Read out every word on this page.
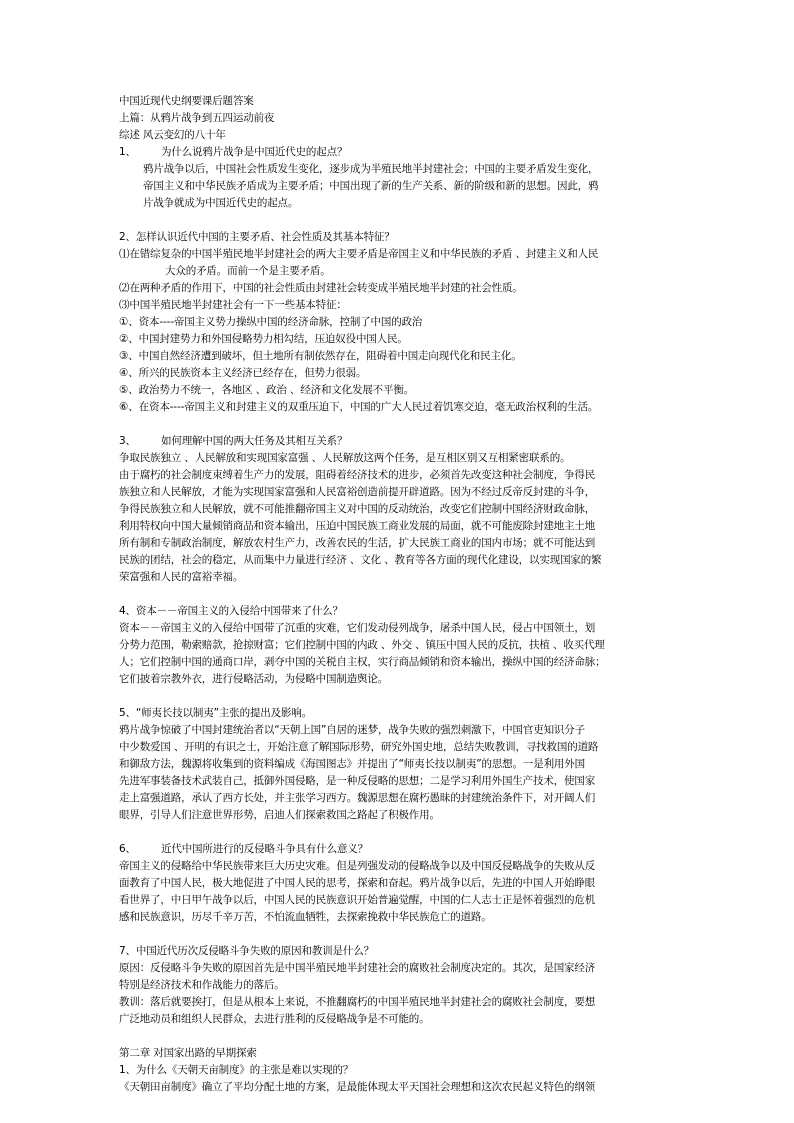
中国近现代史纲要课后题答案
上篇：从鸦片战争到五四运动前夜
综述 风云变幻的八十年
1、 为什么说鸦片战争是中国近代史的起点？
鸦片战争以后，中国社会性质发生变化，逐步成为半殖民地半封建社会；中国的主要矛盾发生变化，
帝国主义和中华民族矛盾成为主要矛盾；中国出现了新的生产关系、新的阶级和新的思想。因此，鸦
片战争就成为中国近代史的起点。
2、怎样认识近代中国的主要矛盾、社会性质及其基本特征？
⑴在错综复杂的中国半殖民地半封建社会的两大主要矛盾是帝国主义和中华民族的矛盾 、封建主义和人民
大众的矛盾。而前一个是主要矛盾。
⑵在两种矛盾的作用下，中国的社会性质由封建社会转变成半殖民地半封建的社会性质。
⑶中国半殖民地半封建社会有一下一些基本特征：
①、资本----帝国主义势力操纵中国的经济命脉，控制了中国的政治
②、中国封建势力和外国侵略势力相勾结，压迫奴役中国人民。
③、中国自然经济遭到破坏，但土地所有制依然存在，阻碍着中国走向现代化和民主化。
④、所兴的民族资本主义经济已经存在，但势力很弱。
⑤、政治势力不统一，各地区 、政治 、经济和文化发展不平衡。
⑥、在资本----帝国主义和封建主义的双重压迫下，中国的广大人民过着饥寒交迫，毫无政治权利的生活。
3、 如何理解中国的两大任务及其相互关系？
争取民族独立 、人民解放和实现国家富强 、人民解放这两个任务，是互相区别又互相紧密联系的。
由于腐朽的社会制度束缚着生产力的发展，阻碍着经济技术的进步，必须首先改变这种社会制度，争得民
族独立和人民解放，才能为实现国家富强和人民富裕创造前提开辟道路。因为不经过反帝反封建的斗争，
争得民族独立和人民解放，就不可能推翻帝国主义对中国的反动统治，改变它们控制中国经济财政命脉，
利用特权向中国大量倾销商品和资本输出，压迫中国民族工商业发展的局面，就不可能废除封建地主土地
所有制和专制政治制度，解放农村生产力，改善农民的生活，扩大民族工商业的国内市场；就不可能达到
民族的团结，社会的稳定，从而集中力量进行经济 、文化 、教育等各方面的现代化建设，以实现国家的繁
荣富强和人民的富裕幸福。
4、资本－－帝国主义的入侵给中国带来了什么？
资本－－帝国主义的入侵给中国带了沉重的灾难，它们发动侵列战争，屠杀中国人民，侵占中国领土，划
分势力范围，勒索赔款，抢掠财富；它们控制中国的内政 、外交 、镇压中国人民的反抗，扶植 、收买代理
人；它们控制中国的通商口岸，剥夺中国的关税自主权，实行商品倾销和资本输出，操纵中国的经济命脉；
它们披着宗教外衣，进行侵略活动，为侵略中国制造舆论。
5、“师夷长技以制夷”主张的提出及影响。
鸦片战争惊破了中国封建统治者以“天朝上国”自居的迷梦，战争失败的强烈刺激下，中国官吏知识分子
中少数爱国 、开明的有识之士，开始注意了解国际形势，研究外国史地，总结失败教训，寻找救国的道路
和御敌方法，魏源将收集到的资料编成《海国图志》并提出了“师夷长技以制夷”的思想。一是利用外国
先进军事装备技术武装自己，抵御外国侵略，是一种反侵略的思想；二是学习利用外国生产技术，使国家
走上富强道路，承认了西方长处，并主张学习西方。魏源思想在腐朽愚昧的封建统治条件下，对开阔人们
眼界，引导人们注意世界形势，启迪人们探索救国之路起了积极作用。
6、 近代中国所进行的反侵略斗争具有什么意义？
帝国主义的侵略给中华民族带来巨大历史灾难。但是列强发动的侵略战争以及中国反侵略战争的失败从反
面教育了中国人民，极大地促进了中国人民的思考，探索和奋起。鸦片战争以后，先进的中国人开始睁眼
看世界了，中日甲午战争以后，中国人民的民族意识开始普遍觉醒，中国的仁人志士正是怀着强烈的危机
感和民族意识，历尽千辛万苦，不怕流血牺牲，去探索挽救中华民族危亡的道路。
7、中国近代历次反侵略斗争失败的原因和教训是什么？
原因：反侵略斗争失败的原因首先是中国半殖民地半封建社会的腐败社会制度决定的。其次，是国家经济
特别是经济技术和作战能力的落后。
教训：落后就要挨打，但是从根本上来说，不推翻腐朽的中国半殖民地半封建社会的腐败社会制度，要想
广泛地动员和组织人民群众，去进行胜利的反侵略战争是不可能的。
第二章 对国家出路的早期探索
1、为什么《天朝天亩制度》的主张是难以实现的？
《天朝田亩制度》确立了平均分配土地的方案，是最能体现太平天国社会理想和这次农民起义特色的纲领
